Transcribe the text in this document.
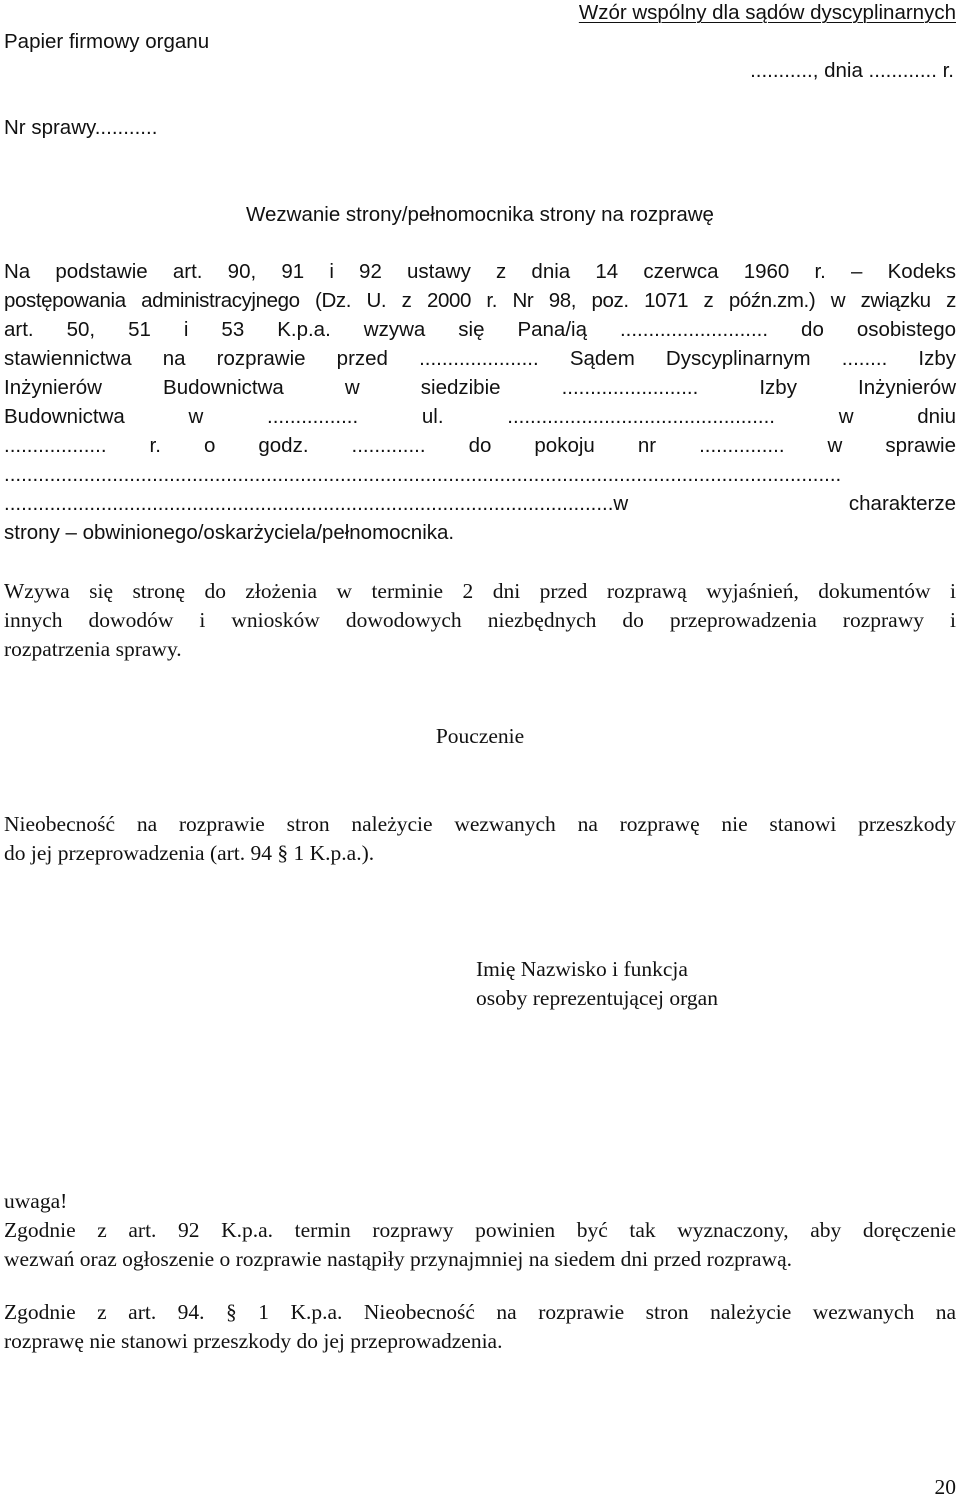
Wzór wspólny dla sądów dyscyplinarnych
Papier firmowy organu
..........., dnia ............ r.
Nr sprawy...........
Wezwanie strony/pełnomocnika strony na rozprawę
Na podstawie art. 90, 91 i 92 ustawy z dnia 14 czerwca 1960 r. – Kodeks
postępowania administracyjnego (Dz. U. z 2000 r. Nr 98, poz. 1071 z późn.zm.) w związku z
art. 50, 51 i 53 K.p.a. wzywa się Pana/ią .......................... do osobistego
stawiennictwa na rozprawie przed ..................... Sądem Dyscyplinarnym ........ Izby
Inżynierów Budownictwa w siedzibie ........................ Izby Inżynierów
Budownictwa w ................ ul. ............................................... w dniu
.................. r. o godz. ............. do pokoju nr ............... w sprawie
...................................................................................................................................................
...........................................................................................................w charakterze
strony – obwinionego/oskarżyciela/pełnomocnika.
Wzywa się stronę do złożenia w terminie 2 dni przed rozprawą wyjaśnień, dokumentów i
innych dowodów i wniosków dowodowych niezbędnych do przeprowadzenia rozprawy i
rozpatrzenia sprawy.
Pouczenie
Nieobecność na rozprawie stron należycie wezwanych na rozprawę nie stanowi przeszkody
do jej przeprowadzenia (art. 94 § 1 K.p.a.).
Imię Nazwisko i funkcja
osoby reprezentującej organ
uwaga!
Zgodnie z art. 92 K.p.a. termin rozprawy powinien być tak wyznaczony, aby doręczenie
wezwań oraz ogłoszenie o rozprawie nastąpiły przynajmniej na siedem dni przed rozprawą.
Zgodnie z art. 94. § 1 K.p.a. Nieobecność na rozprawie stron należycie wezwanych na
rozprawę nie stanowi przeszkody do jej przeprowadzenia.
20
